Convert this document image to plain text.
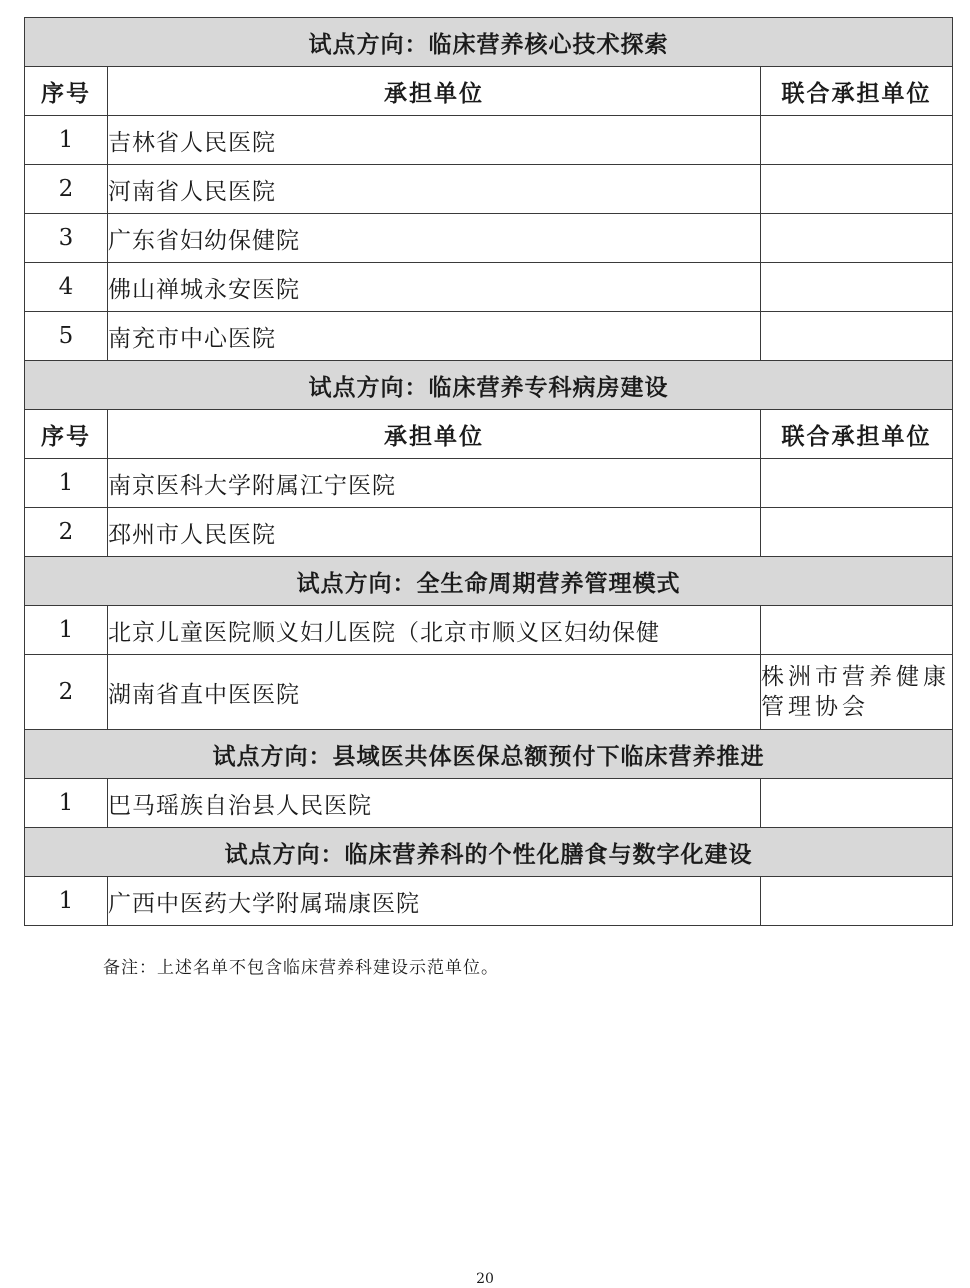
试点方向：临床营养核心技术探索		
序号	承担单位	联合承担单位
1	吉林省人民医院	
2	河南省人民医院	
3	广东省妇幼保健院	
4	佛山禅城永安医院	
5	南充市中心医院	
试点方向：临床营养专科病房建设		
序号	承担单位	联合承担单位
1	南京医科大学附属江宁医院	
2	邳州市人民医院	
试点方向：全生命周期营养管理模式		
1	北京儿童医院顺义妇儿医院（北京市顺义区妇幼保健	
2	湖南省直中医医院	株洲市营养健康管理协会
试点方向：县域医共体医保总额预付下临床营养推进		
1	巴马瑶族自治县人民医院	
试点方向：临床营养科的个性化膳食与数字化建设		
1	广西中医药大学附属瑞康医院	
备注：上述名单不包含临床营养科建设示范单位。
20
